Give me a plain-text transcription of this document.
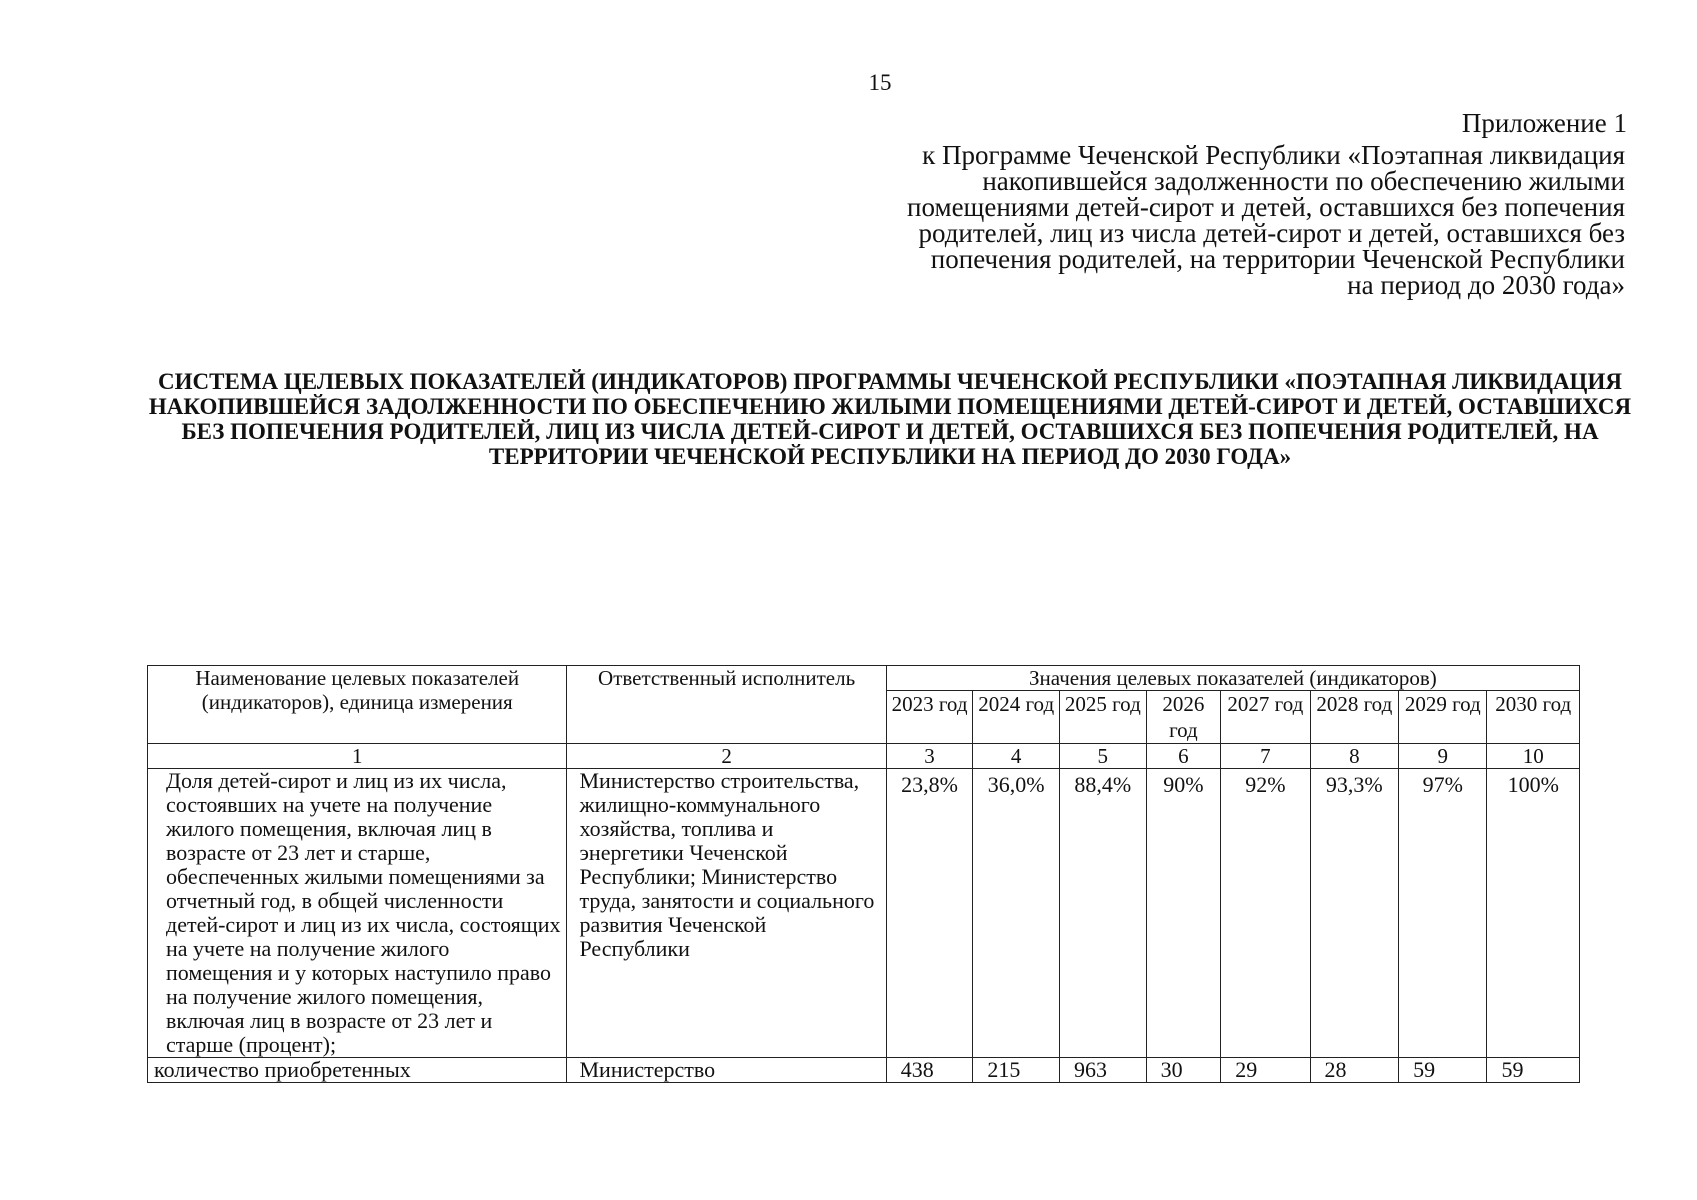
15
Приложение 1
к Программе Чеченской Республики «Поэтапная ликвидация накопившейся задолженности по обеспечению жилыми помещениями детей-сирот и детей, оставшихся без попечения родителей, лиц из числа детей-сирот и детей, оставшихся без попечения родителей, на территории Чеченской Республики на период до 2030 года»
СИСТЕМА ЦЕЛЕВЫХ ПОКАЗАТЕЛЕЙ (ИНДИКАТОРОВ) ПРОГРАММЫ ЧЕЧЕНСКОЙ РЕСПУБЛИКИ «ПОЭТАПНАЯ ЛИКВИДАЦИЯ НАКОПИВШЕЙСЯ ЗАДОЛЖЕННОСТИ ПО ОБЕСПЕЧЕНИЮ ЖИЛЫМИ ПОМЕЩЕНИЯМИ ДЕТЕЙ-СИРОТ И ДЕТЕЙ, ОСТАВШИХСЯ БЕЗ ПОПЕЧЕНИЯ РОДИТЕЛЕЙ, ЛИЦ ИЗ ЧИСЛА ДЕТЕЙ-СИРОТ И ДЕТЕЙ, ОСТАВШИХСЯ БЕЗ ПОПЕЧЕНИЯ РОДИТЕЛЕЙ, НА ТЕРРИТОРИИ ЧЕЧЕНСКОЙ РЕСПУБЛИКИ НА ПЕРИОД ДО 2030 ГОДА»
Наименование целевых показателей (индикаторов), единица измерения	Ответственный исполнитель	Значения целевых показателей (индикаторов)							
		2023 год	2024 год	2025 год	2026 год	2027 год	2028 год	2029 год	2030 год
1	2	3	4	5	6	7	8	9	10
Доля детей-сирот и лиц из их числа, состоявших на учете на получение жилого помещения, включая лиц в возрасте от 23 лет и старше, обеспеченных жилыми помещениями за отчетный год, в общей численности детей-сирот и лиц из их числа, состоящих на учете на получение жилого помещения и у которых наступило право на получение жилого помещения, включая лиц в возрасте от 23 лет и старше (процент);	Министерство строительства, жилищно-коммунального хозяйства, топлива и энергетики Чеченской Республики; Министерство труда, занятости и социального развития Чеченской Республики	23,8%	36,0%	88,4%	90%	92%	93,3%	97%	100%
количество приобретенных	Министерство	438	215	963	30	29	28	59	59
